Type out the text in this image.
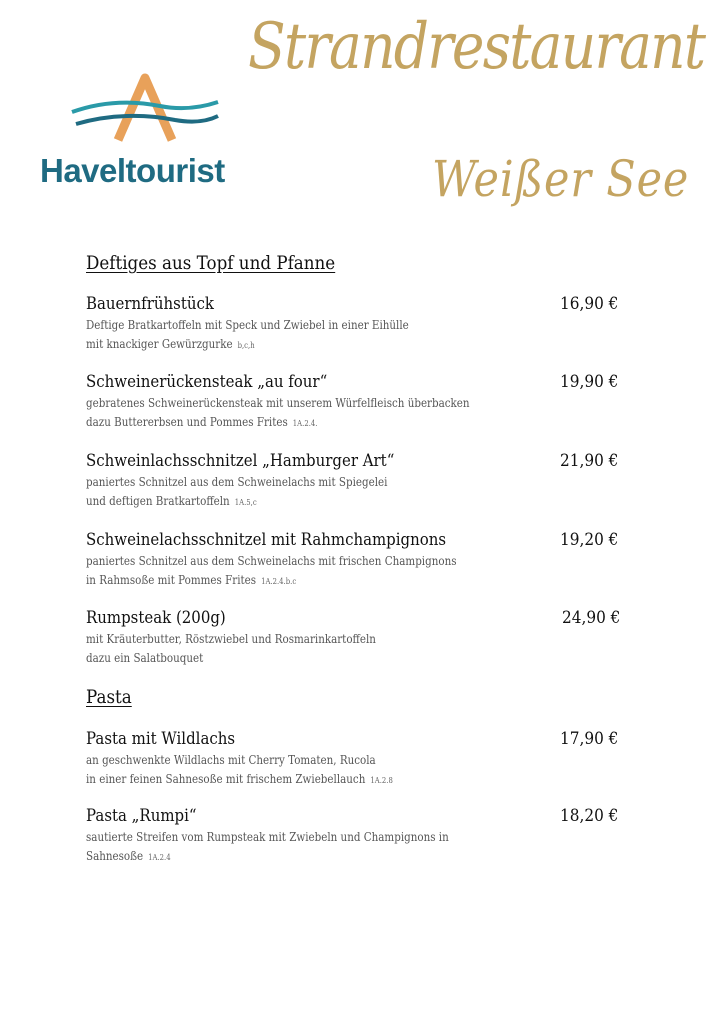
Haveltourist
Strandrestaurant
Weißer See
Deftiges aus Topf und Pfanne
Bauernfrühstück	16,90 €
Deftige Bratkartoffeln mit Speck und Zwiebel in einer Eihülle
mit knackiger Gewürzgurke b,c,h
Schweinerückensteak „au four“	19,90 €
gebratenes Schweinerückensteak mit unserem Würfelfleisch überbacken
dazu Buttererbsen und Pommes Frites 1A.2.4.
Schweinlachsschnitzel „Hamburger Art“	21,90 €
paniertes Schnitzel aus dem Schweinelachs mit Spiegelei
und deftigen Bratkartoffeln 1A.5,c
Schweinelachsschnitzel mit Rahmchampignons	19,20 €
paniertes Schnitzel aus dem Schweinelachs mit frischen Champignons
in Rahmsoße mit Pommes Frites 1A.2.4.b.c
Rumpsteak (200g)	24,90 €
mit Kräuterbutter, Röstzwiebel und Rosmarinkartoffeln
dazu ein Salatbouquet
Pasta
Pasta mit Wildlachs	17,90 €
an geschwenkte Wildlachs mit Cherry Tomaten, Rucola
in einer feinen Sahnesoße mit frischem Zwiebellauch 1A.2.8
Pasta „Rumpi“	18,20 €
sautierte Streifen vom Rumpsteak mit Zwiebeln und Champignons in
Sahnesoße 1A.2.4
